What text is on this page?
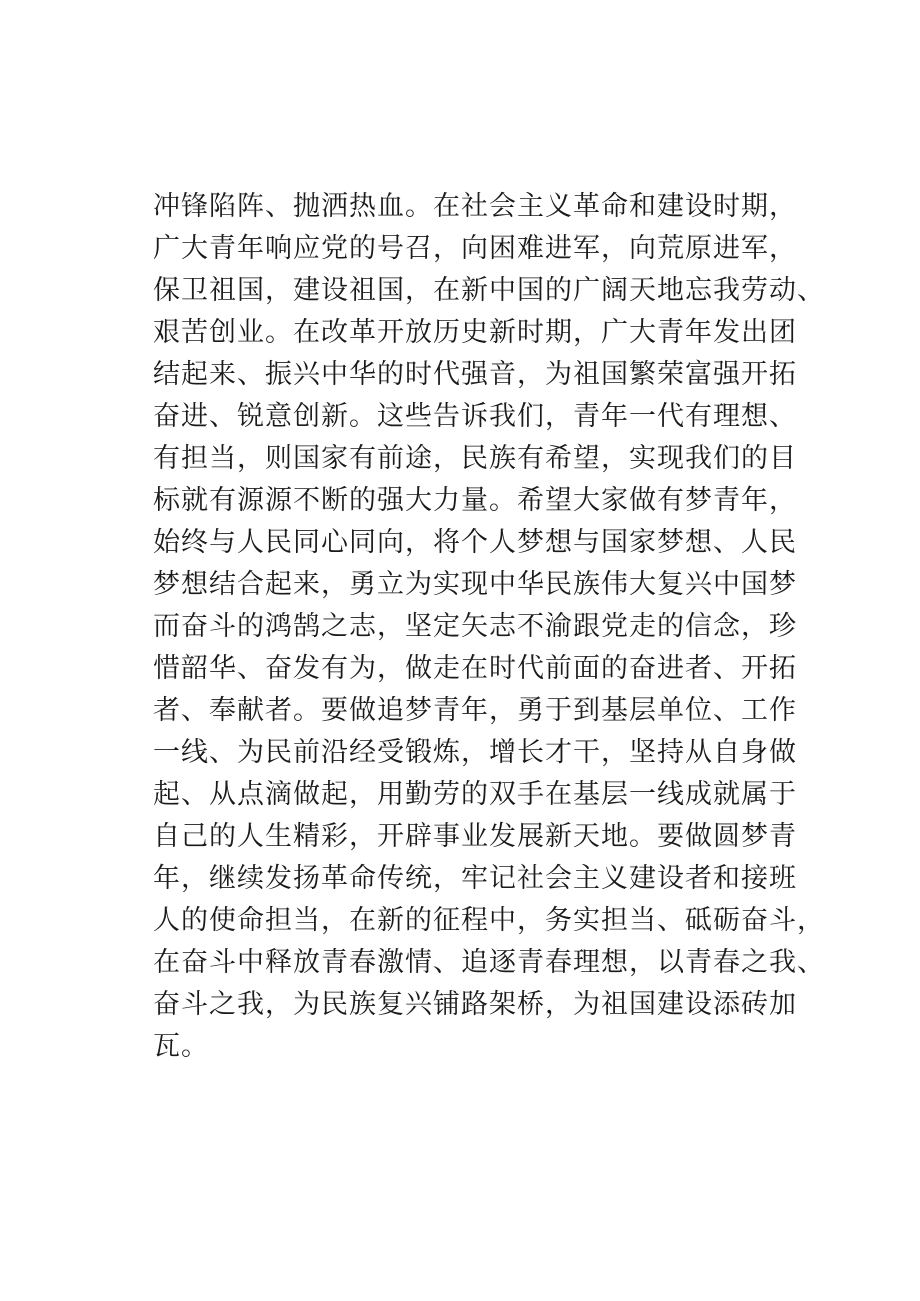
冲锋陷阵、抛洒热血。在社会主义革命和建设时期，
广大青年响应党的号召，向困难进军，向荒原进军，
保卫祖国，建设祖国，在新中国的广阔天地忘我劳动、
艰苦创业。在改革开放历史新时期，广大青年发出团
结起来、振兴中华的时代强音，为祖国繁荣富强开拓
奋进、锐意创新。这些告诉我们，青年一代有理想、
有担当，则国家有前途，民族有希望，实现我们的目
标就有源源不断的强大力量。希望大家做有梦青年，
始终与人民同心同向，将个人梦想与国家梦想、人民
梦想结合起来，勇立为实现中华民族伟大复兴中国梦
而奋斗的鸿鹄之志，坚定矢志不渝跟党走的信念，珍
惜韶华、奋发有为，做走在时代前面的奋进者、开拓
者、奉献者。要做追梦青年，勇于到基层单位、工作
一线、为民前沿经受锻炼，增长才干，坚持从自身做
起、从点滴做起，用勤劳的双手在基层一线成就属于
自己的人生精彩，开辟事业发展新天地。要做圆梦青
年，继续发扬革命传统，牢记社会主义建设者和接班
人的使命担当，在新的征程中，务实担当、砥砺奋斗，
在奋斗中释放青春激情、追逐青春理想，以青春之我、
奋斗之我，为民族复兴铺路架桥，为祖国建设添砖加
瓦。
